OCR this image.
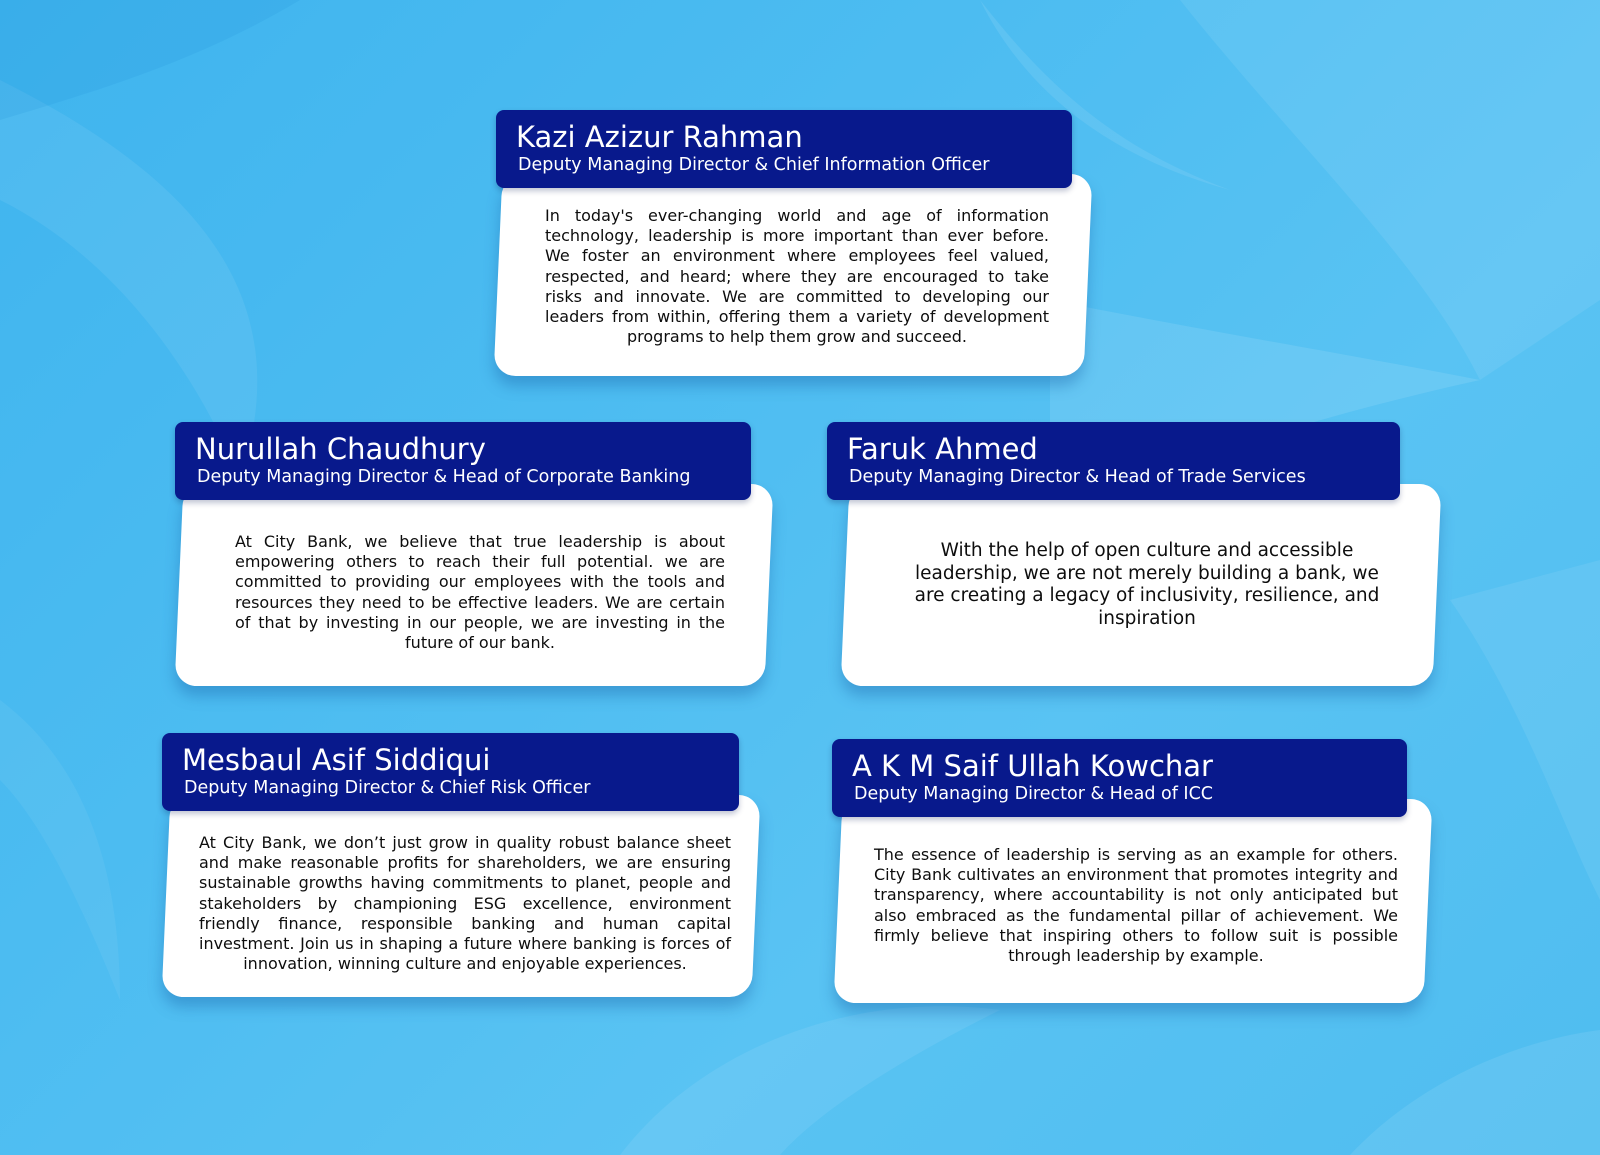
In today's ever-changing world and age of information technology, leadership is more important than ever before. We foster an environment where employees feel valued, respected, and heard; where they are encouraged to take risks and innovate. We are committed to developing our leaders from within, offering them a variety of development programs to help them grow and succeed.
Kazi Azizur Rahman
Deputy Managing Director & Chief Information Officer
At City Bank, we believe that true leadership is about empowering others to reach their full potential. we are committed to providing our employees with the tools and resources they need to be effective leaders. We are certain of that by investing in our people, we are investing in the future of our bank.
Nurullah Chaudhury
Deputy Managing Director & Head of Corporate Banking
With the help of open culture and accessible leadership, we are not merely building a bank, we are creating a legacy of inclusivity, resilience, and inspiration
Faruk Ahmed
Deputy Managing Director & Head of Trade Services
At City Bank, we don’t just grow in quality robust balance sheet and make reasonable profits for shareholders, we are ensuring sustainable growths having commitments to planet, people and stakeholders by championing ESG excellence, environment friendly finance, responsible banking and human capital investment. Join us in shaping a future where banking is forces of innovation, winning culture and enjoyable experiences.
Mesbaul Asif Siddiqui
Deputy Managing Director & Chief Risk Officer
The essence of leadership is serving as an example for others. City Bank cultivates an environment that promotes integrity and transparency, where accountability is not only anticipated but also embraced as the fundamental pillar of achievement. We firmly believe that inspiring others to follow suit is possible through leadership by example.
A K M Saif Ullah Kowchar
Deputy Managing Director & Head of ICC
